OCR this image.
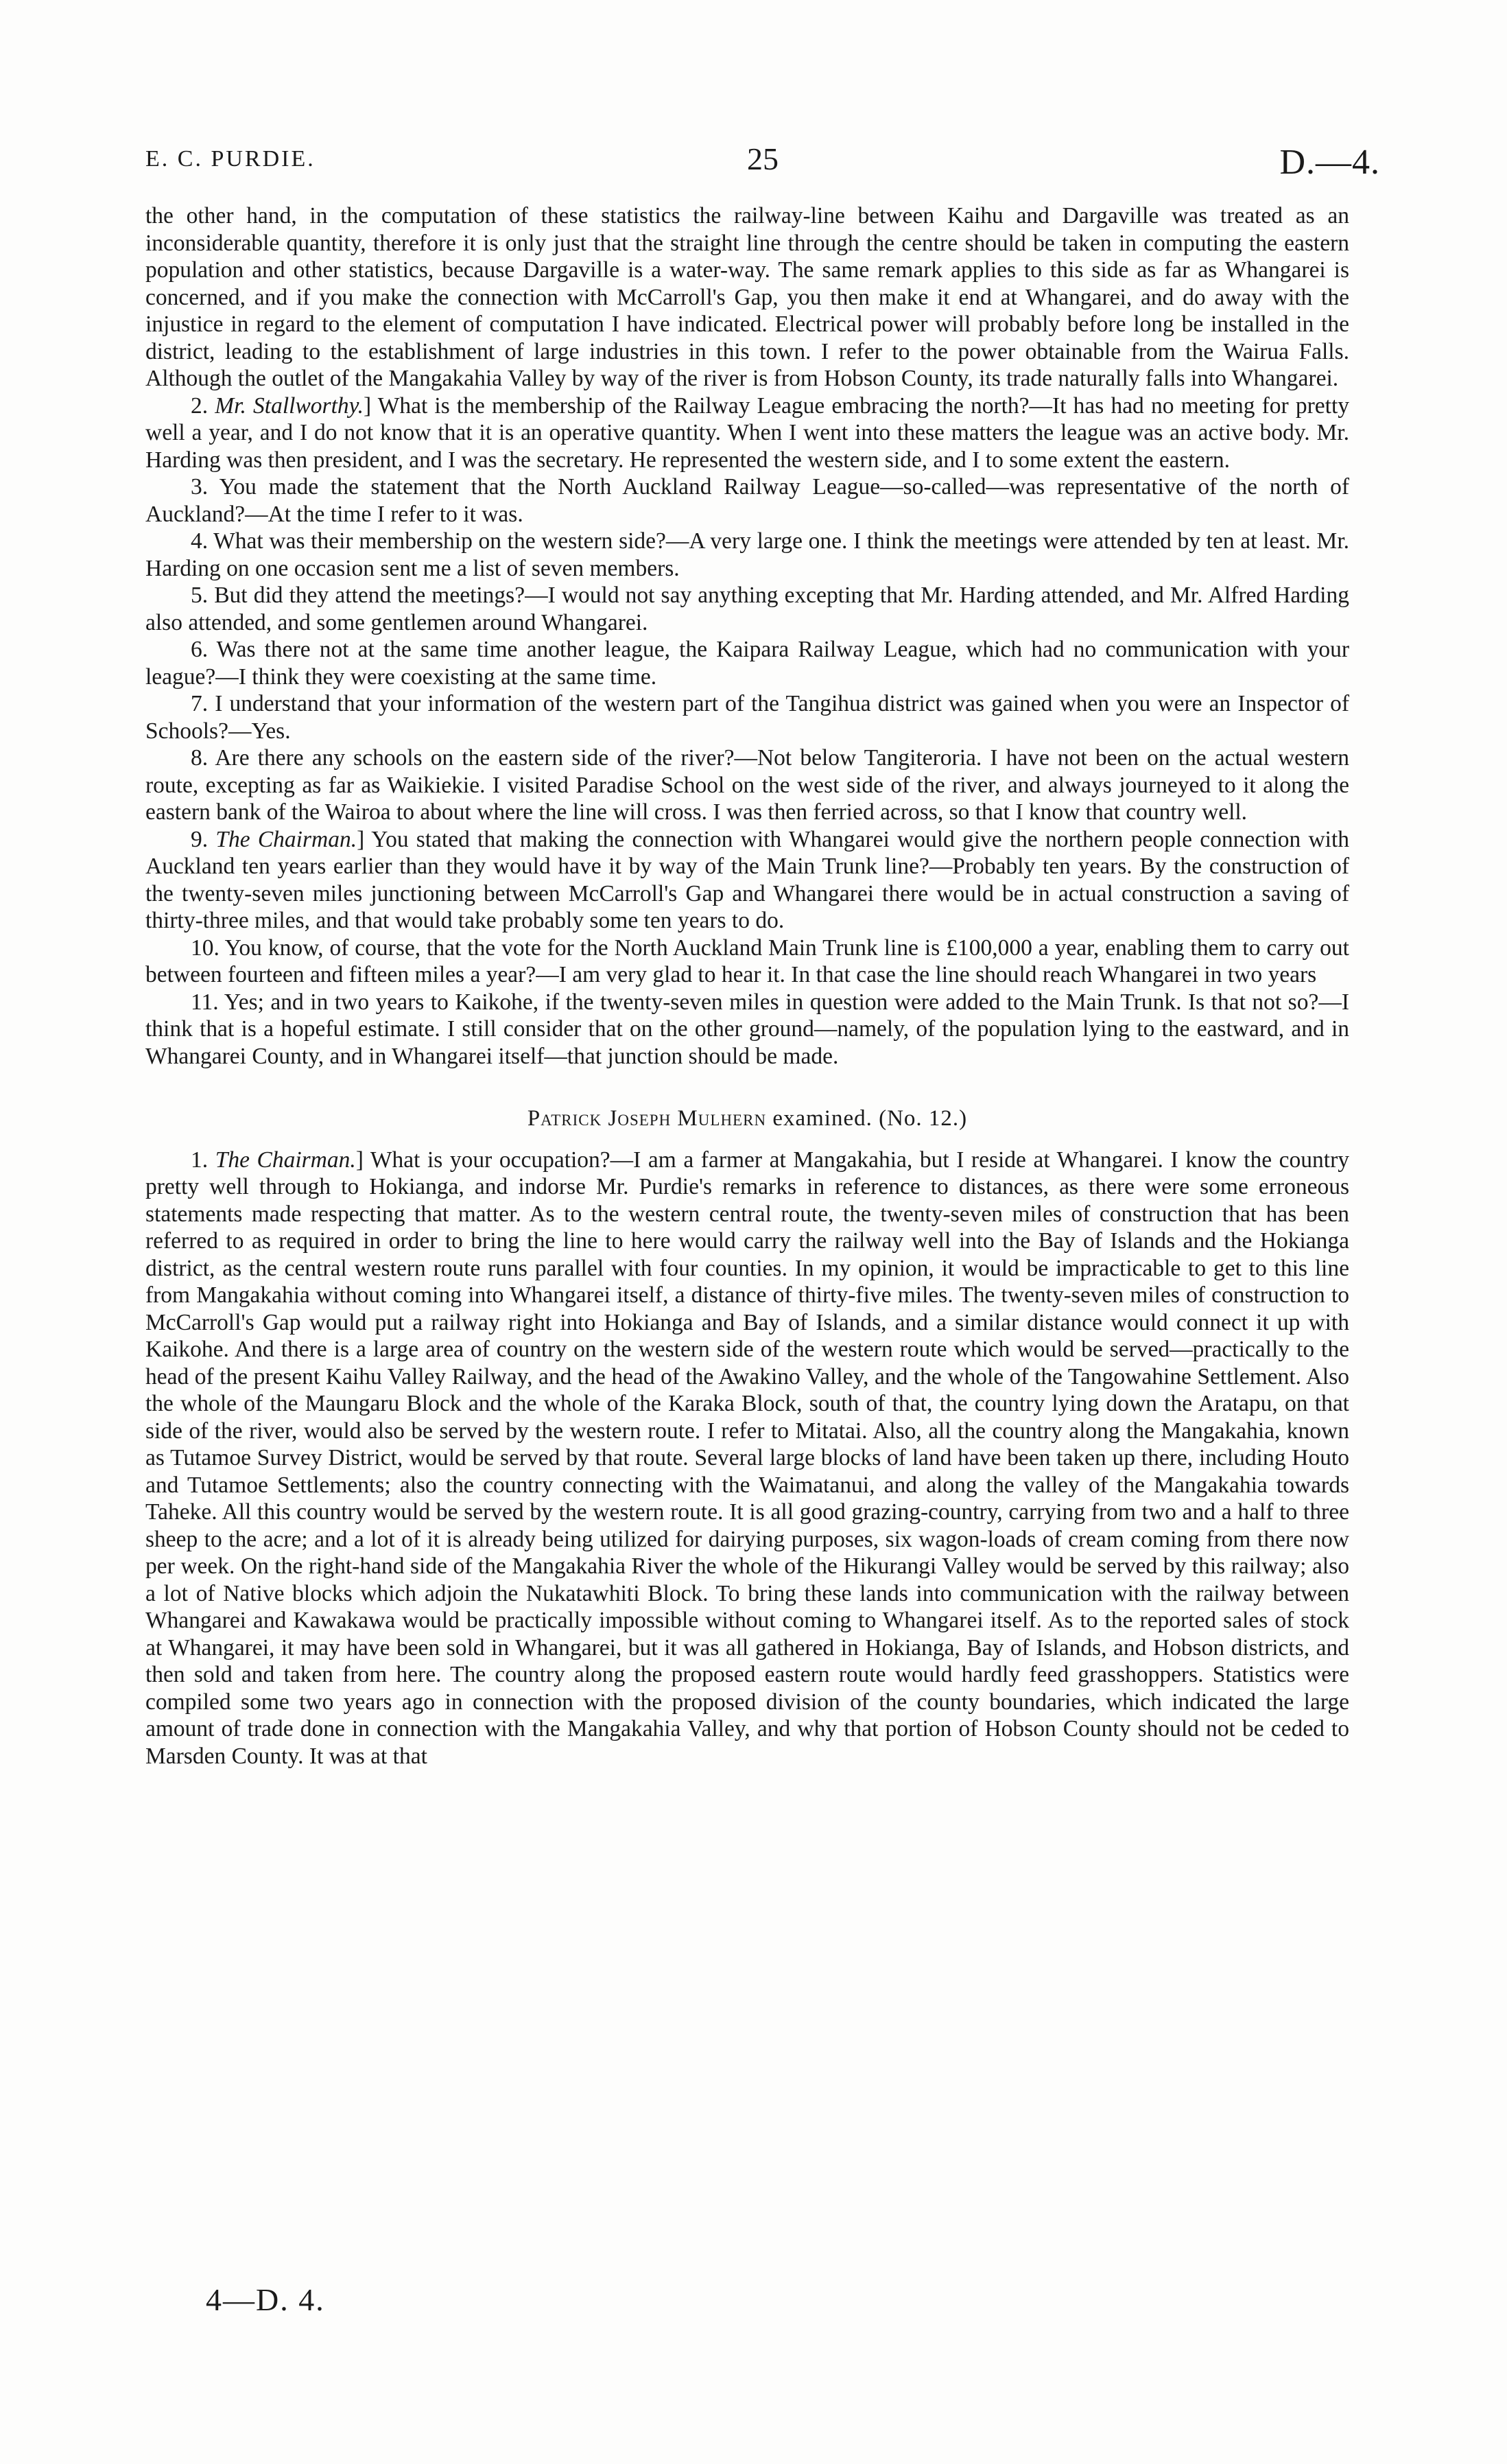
E. C. PURDIE.	25	D.—4.

the other hand, in the computation of these statistics the railway-line between Kaihu and Dargaville was treated as an inconsiderable quantity, therefore it is only just that the straight line through the centre should be taken in computing the eastern population and other statistics, because Dargaville is a water-way. The same remark applies to this side as far as Whangarei is concerned, and if you make the connection with McCarroll's Gap, you then make it end at Whangarei, and do away with the injustice in regard to the element of computation I have indicated. Electrical power will probably before long be installed in the district, leading to the establishment of large industries in this town. I refer to the power obtainable from the Wairua Falls. Although the outlet of the Mangakahia Valley by way of the river is from Hobson County, its trade naturally falls into Whangarei.

2. Mr. Stallworthy.] What is the membership of the Railway League embracing the north?—It has had no meeting for pretty well a year, and I do not know that it is an operative quantity. When I went into these matters the league was an active body. Mr. Harding was then president, and I was the secretary. He represented the western side, and I to some extent the eastern.

3. You made the statement that the North Auckland Railway League—so-called—was representative of the north of Auckland?—At the time I refer to it was.

4. What was their membership on the western side?—A very large one. I think the meetings were attended by ten at least. Mr. Harding on one occasion sent me a list of seven members.

5. But did they attend the meetings?—I would not say anything excepting that Mr. Harding attended, and Mr. Alfred Harding also attended, and some gentlemen around Whangarei.

6. Was there not at the same time another league, the Kaipara Railway League, which had no communication with your league?—I think they were coexisting at the same time.

7. I understand that your information of the western part of the Tangihua district was gained when you were an Inspector of Schools?—Yes.

8. Are there any schools on the eastern side of the river?—Not below Tangiteroria. I have not been on the actual western route, excepting as far as Waikiekie. I visited Paradise School on the west side of the river, and always journeyed to it along the eastern bank of the Wairoa to about where the line will cross. I was then ferried across, so that I know that country well.

9. The Chairman.] You stated that making the connection with Whangarei would give the northern people connection with Auckland ten years earlier than they would have it by way of the Main Trunk line?—Probably ten years. By the construction of the twenty-seven miles junctioning between McCarroll's Gap and Whangarei there would be in actual construction a saving of thirty-three miles, and that would take probably some ten years to do.

10. You know, of course, that the vote for the North Auckland Main Trunk line is £100,000 a year, enabling them to carry out between fourteen and fifteen miles a year?—I am very glad to hear it. In that case the line should reach Whangarei in two years

11. Yes; and in two years to Kaikohe, if the twenty-seven miles in question were added to the Main Trunk. Is that not so?—I think that is a hopeful estimate. I still consider that on the other ground—namely, of the population lying to the eastward, and in Whangarei County, and in Whangarei itself—that junction should be made.

Patrick Joseph Mulhern examined. (No. 12.)

1. The Chairman.] What is your occupation?—I am a farmer at Mangakahia, but I reside at Whangarei. I know the country pretty well through to Hokianga, and indorse Mr. Purdie's remarks in reference to distances, as there were some erroneous statements made respecting that matter. As to the western central route, the twenty-seven miles of construction that has been referred to as required in order to bring the line to here would carry the railway well into the Bay of Islands and the Hokianga district, as the central western route runs parallel with four counties. In my opinion, it would be impracticable to get to this line from Mangakahia without coming into Whangarei itself, a distance of thirty-five miles. The twenty-seven miles of construction to McCarroll's Gap would put a railway right into Hokianga and Bay of Islands, and a similar distance would connect it up with Kaikohe. And there is a large area of country on the western side of the western route which would be served—practically to the head of the present Kaihu Valley Railway, and the head of the Awakino Valley, and the whole of the Tangowahine Settlement. Also the whole of the Maungaru Block and the whole of the Karaka Block, south of that, the country lying down the Aratapu, on that side of the river, would also be served by the western route. I refer to Mitatai. Also, all the country along the Mangakahia, known as Tutamoe Survey District, would be served by that route. Several large blocks of land have been taken up there, including Houto and Tutamoe Settlements; also the country connecting with the Waimatanui, and along the valley of the Mangakahia towards Taheke. All this country would be served by the western route. It is all good grazing-country, carrying from two and a half to three sheep to the acre; and a lot of it is already being utilized for dairying purposes, six wagon-loads of cream coming from there now per week. On the right-hand side of the Mangakahia River the whole of the Hikurangi Valley would be served by this railway; also a lot of Native blocks which adjoin the Nukatawhiti Block. To bring these lands into communication with the railway between Whangarei and Kawakawa would be practically impossible without coming to Whangarei itself. As to the reported sales of stock at Whangarei, it may have been sold in Whangarei, but it was all gathered in Hokianga, Bay of Islands, and Hobson districts, and then sold and taken from here. The country along the proposed eastern route would hardly feed grasshoppers. Statistics were compiled some two years ago in connection with the proposed division of the county boundaries, which indicated the large amount of trade done in connection with the Mangakahia Valley, and why that portion of Hobson County should not be ceded to Marsden County. It was at that

4—D. 4.
